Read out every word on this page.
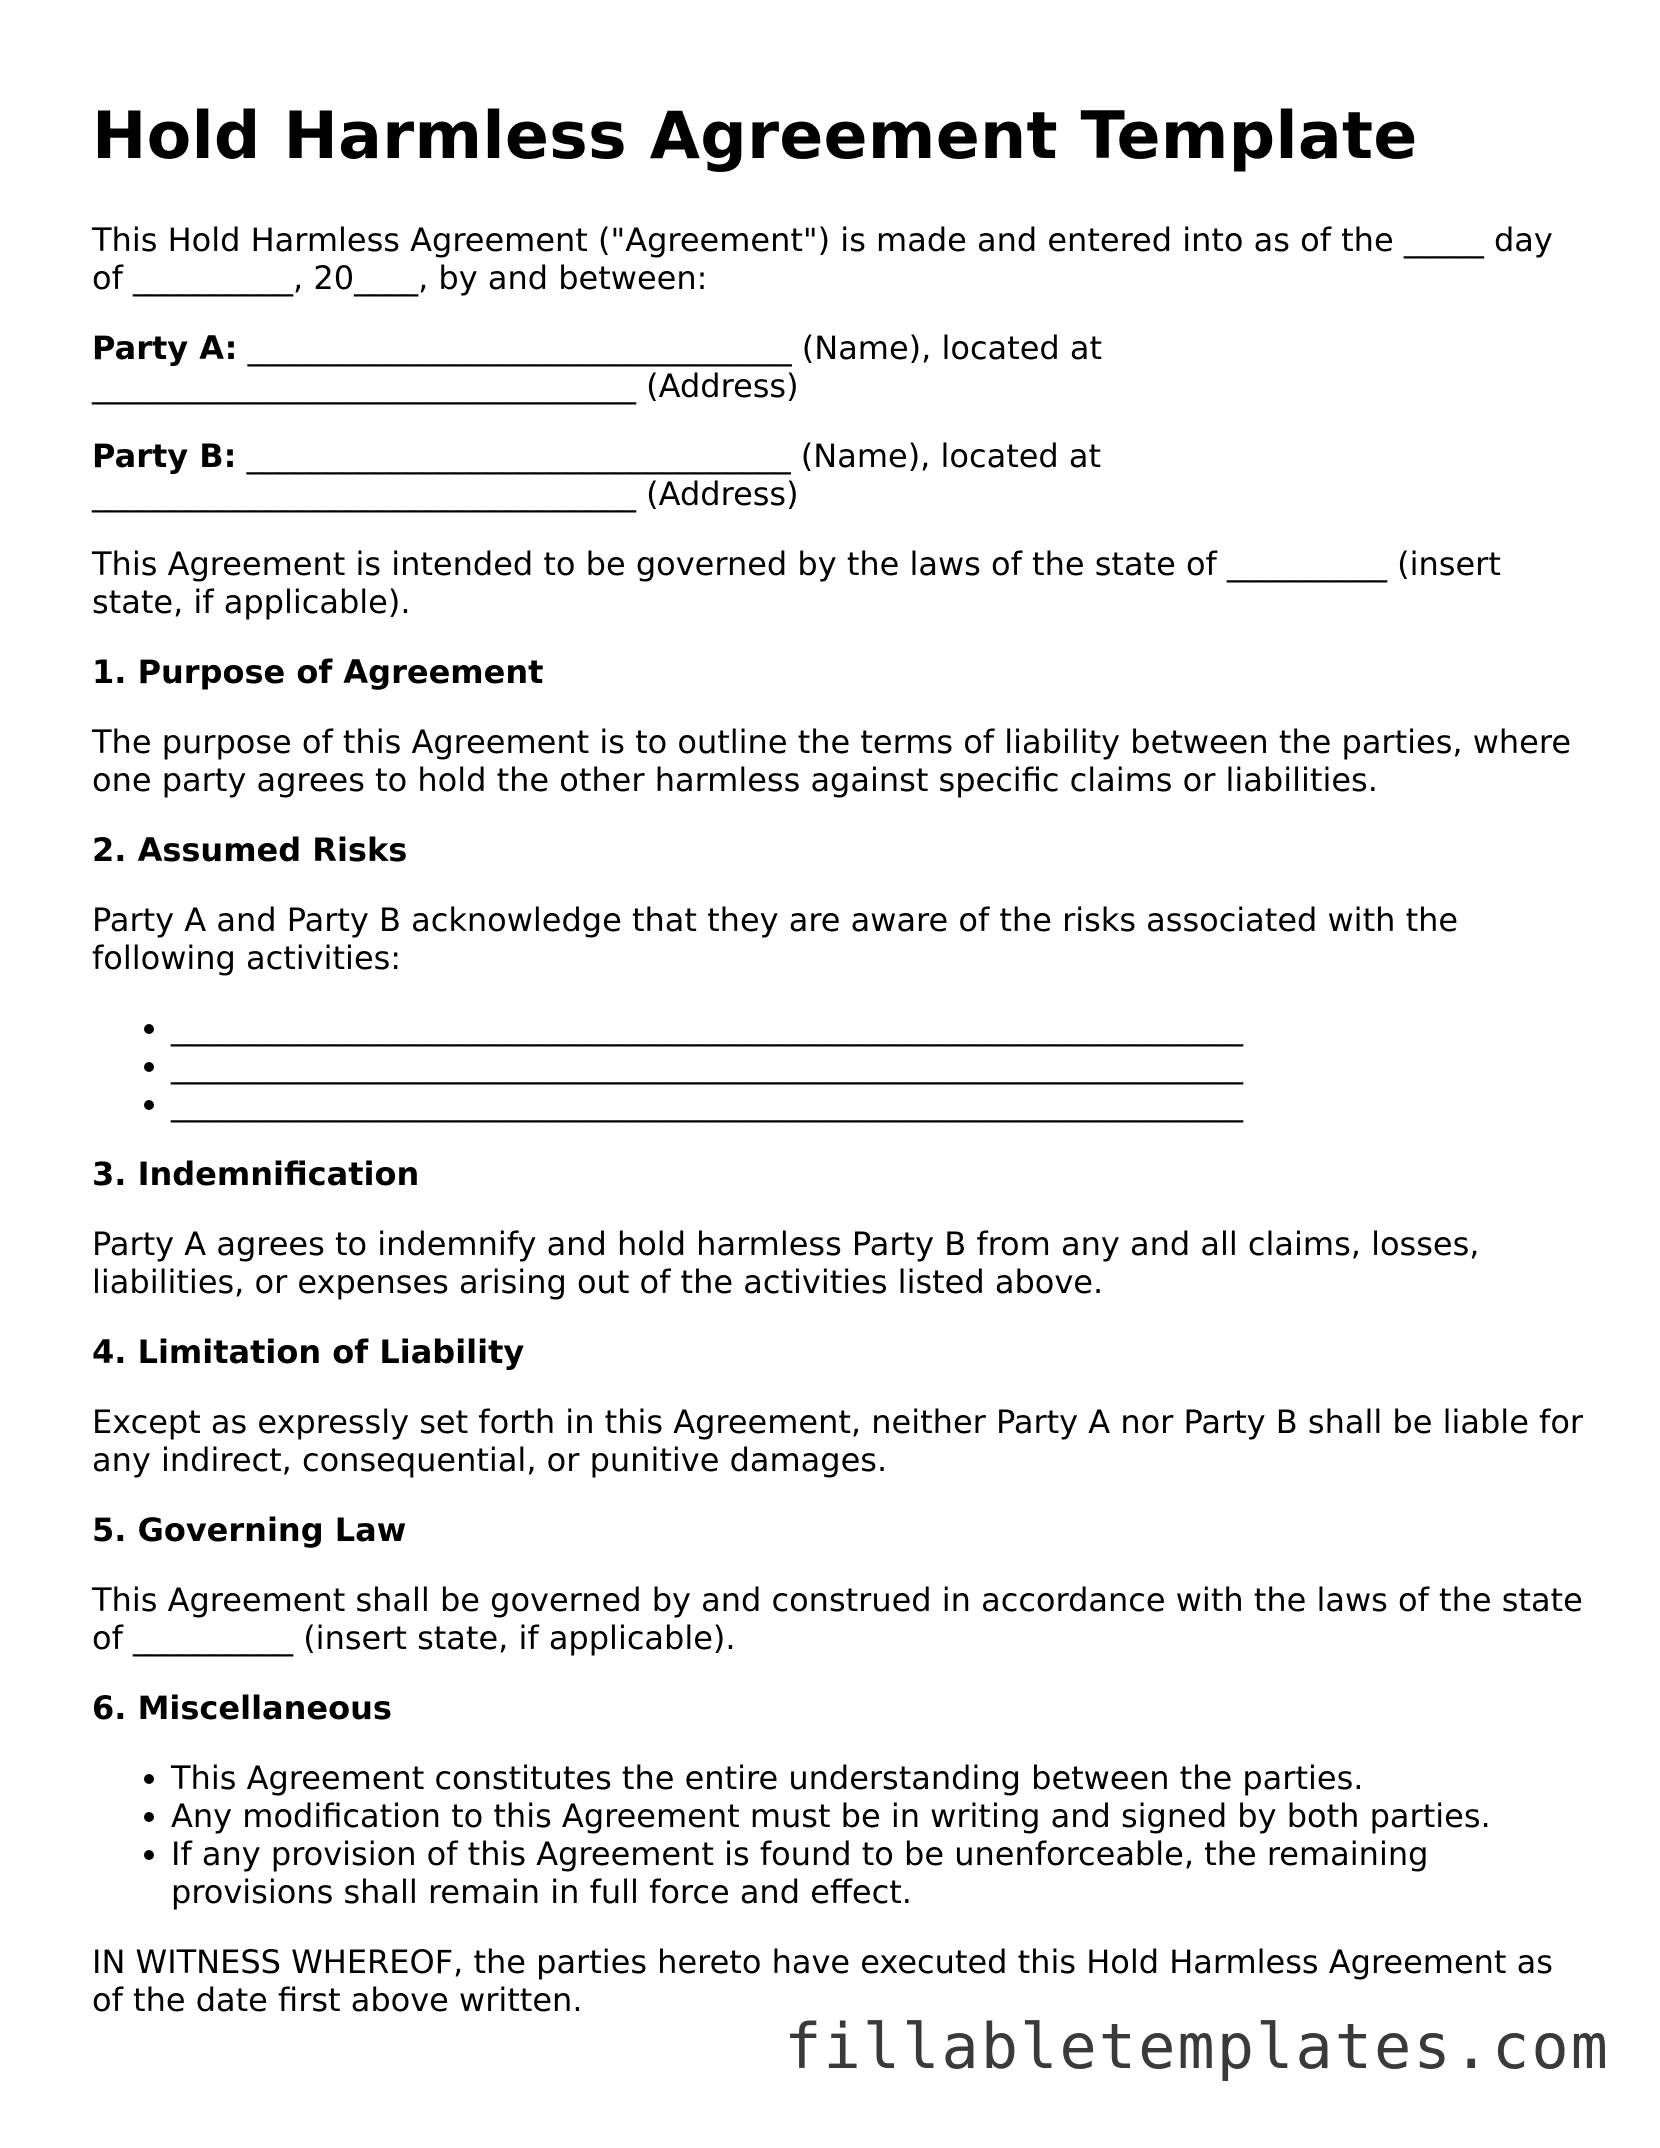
Hold Harmless Agreement Template

This Hold Harmless Agreement ("Agreement") is made and entered into as of the _____ day of __________, 20____, by and between:

Party A: __________________________________ (Name), located at __________________________________ (Address)

Party B: __________________________________ (Name), located at __________________________________ (Address)

This Agreement is intended to be governed by the laws of the state of __________ (insert state, if applicable).

1. Purpose of Agreement

The purpose of this Agreement is to outline the terms of liability between the parties, where one party agrees to hold the other harmless against specific claims or liabilities.

2. Assumed Risks

Party A and Party B acknowledge that they are aware of the risks associated with the following activities:

• ___________________________________________________________________
• ___________________________________________________________________
• ___________________________________________________________________
3. Indemnification

Party A agrees to indemnify and hold harmless Party B from any and all claims, losses, liabilities, or expenses arising out of the activities listed above.

4. Limitation of Liability

Except as expressly set forth in this Agreement, neither Party A nor Party B shall be liable for any indirect, consequential, or punitive damages.

5. Governing Law

This Agreement shall be governed by and construed in accordance with the laws of the state of __________ (insert state, if applicable).

6. Miscellaneous
• This Agreement constitutes the entire understanding between the parties.
• Any modification to this Agreement must be in writing and signed by both parties.
• If any provision of this Agreement is found to be unenforceable, the remaining provisions shall remain in full force and effect.

IN WITNESS WHEREOF, the parties hereto have executed this Hold Harmless Agreement as of the date first above written.

fillabletemplates.com
